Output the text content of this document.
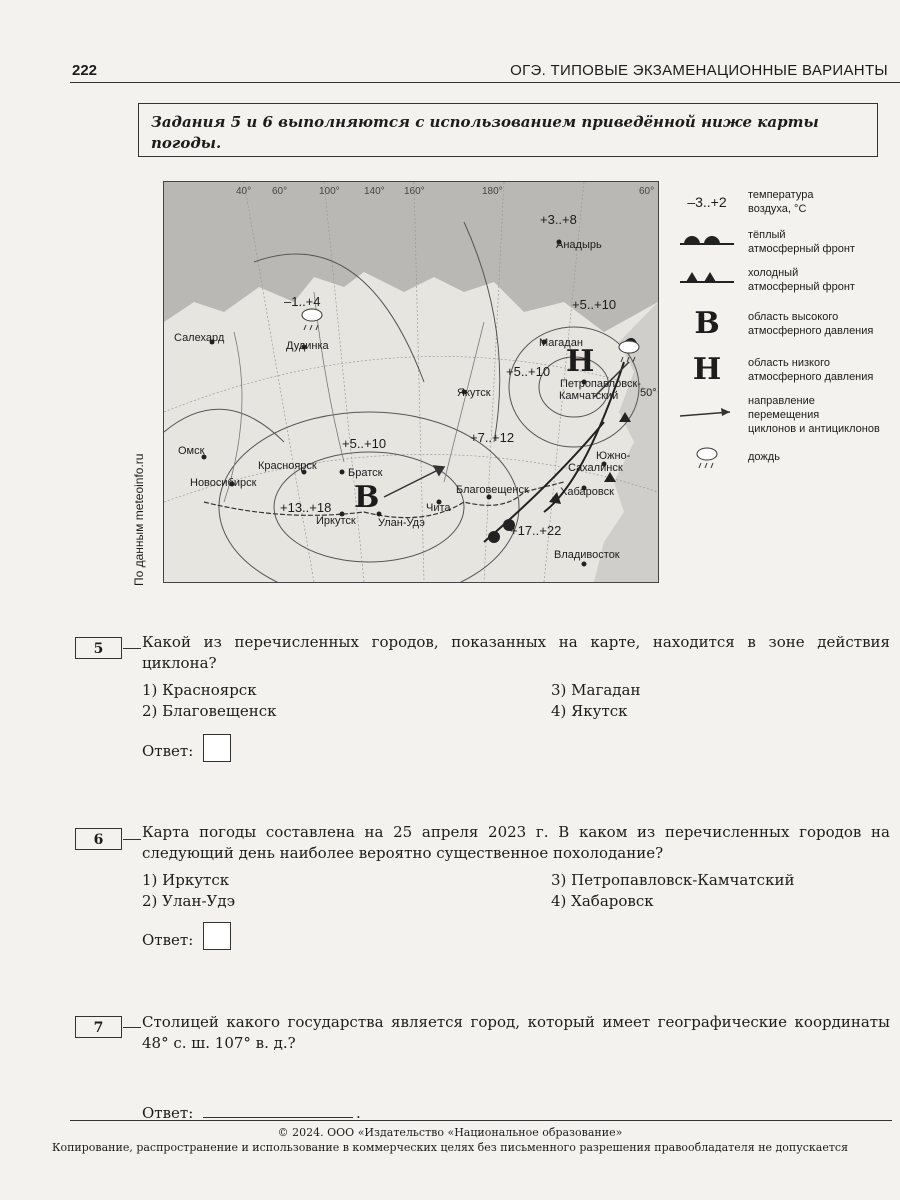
222	ОГЭ. ТИПОВЫЕ ЭКЗАМЕНАЦИОННЫЕ ВАРИАНТЫ
Задания 5 и 6 выполняются с использованием приведённой ниже карты погоды.
40° 60°	100° 140° 160°	180°	60°
Салехард
Дудинка
Омск
Новосибирск
Красноярск
Братск
Иркутск Улан-Удэ
Чита
Благовещенск	Хабаровск
Владивосток
Южно-
Сахалинск
Якутск
Магадан
Петропавловск-
Камчатский
Анадырь
50°
–1..+4
+3..+8
+5..+10
+5..+10
+7..+12
+5..+10
+13..+18
+17..+22
В
Н
По данным meteoinfo.ru
–3..+2	температура
воздуха, °С
тёплый
атмосферный фронт
холодный
атмосферный фронт
В	область высокого
атмосферного давления
Н	область низкого
атмосферного давления
направление
перемещения
циклонов и антициклонов
дождь
5	Какой из перечисленных городов, показанных на карте, находится в зоне действия циклона?
1) Красноярск
2) Благовещенск
3) Магадан
4) Якутск
Ответ:
6	Карта погоды составлена на 25 апреля 2023 г. В каком из перечисленных городов на следующий день наиболее вероятно существенное похолодание?
1) Иркутск
2) Улан-Удэ
3) Петропавловск-Камчатский
4) Хабаровск
Ответ:
7	Столицей какого государства является город, который имеет географические координаты 48° с. ш. 107° в. д.?
Ответ:	.
© 2024. ООО «Издательство «Национальное образование»
Копирование, распространение и использование в коммерческих целях без письменного разрешения правообладателя не допускается
